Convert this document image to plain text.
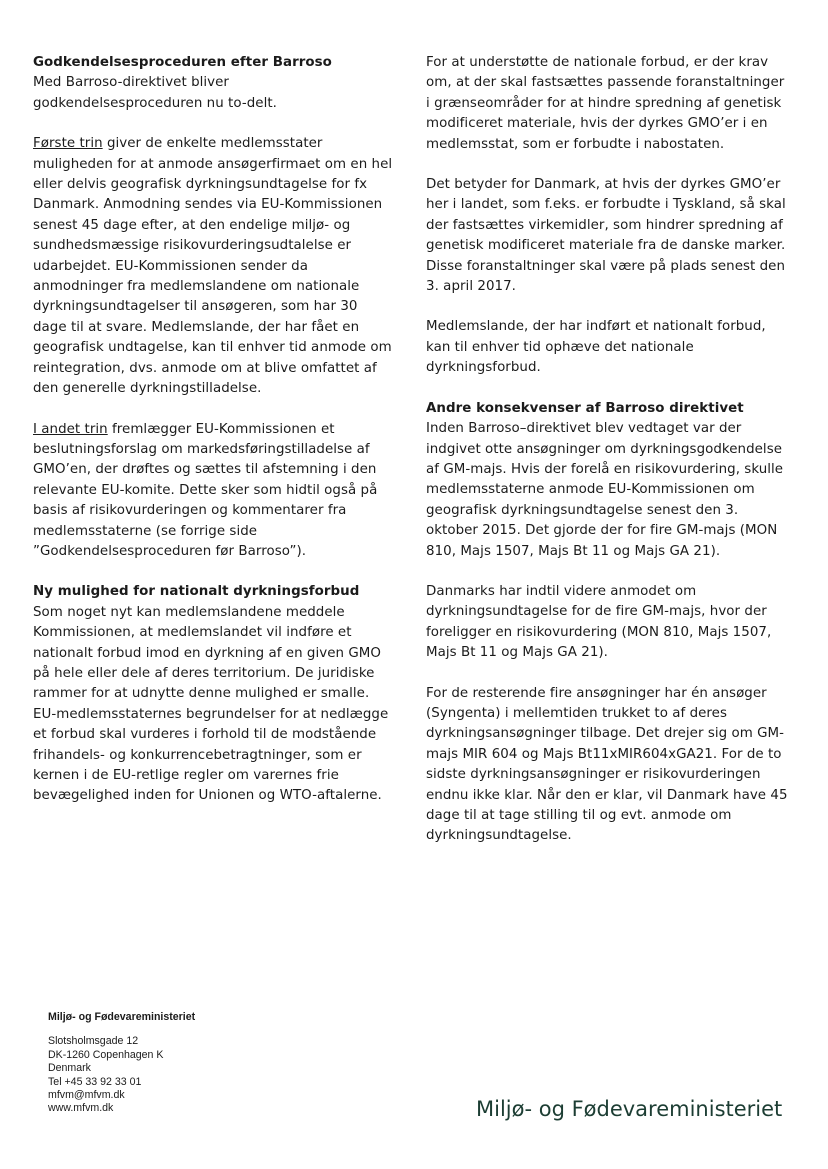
Godkendelsesproceduren efter Barroso
Med Barroso-direktivet bliver godkendelsesproceduren nu to-delt.

Første trin giver de enkelte medlemsstater muligheden for at anmode ansøgerfirmaet om en hel eller delvis geografisk dyrkningsundtagelse for fx Danmark. Anmodning sendes via EU-Kommissionen senest 45 dage efter, at den endelige miljø- og sundhedsmæssige risikovurderingsudtalelse er udarbejdet. EU-Kommissionen sender da anmodninger fra medlemslandene om nationale dyrkningsundtagelser til ansøgeren, som har 30 dage til at svare. Medlemslande, der har fået en geografisk undtagelse, kan til enhver tid anmode om reintegration, dvs. anmode om at blive omfattet af den generelle dyrkningstilladelse.

I andet trin fremlægger EU-Kommissionen et beslutningsforslag om markedsføringstilladelse af GMO’en, der drøftes og sættes til afstemning i den relevante EU-komite. Dette sker som hidtil også på basis af risikovurderingen og kommentarer fra medlemsstaterne (se forrige side ”Godkendelsesproceduren før Barroso”).

Ny mulighed for nationalt dyrkningsforbud
Som noget nyt kan medlemslandene meddele Kommissionen, at medlemslandet vil indføre et nationalt forbud imod en dyrkning af en given GMO på hele eller dele af deres territorium. De juridiske rammer for at udnytte denne mulighed er smalle. EU-medlemsstaternes begrundelser for at nedlægge et forbud skal vurderes i forhold til de modstående frihandels- og konkurrencebetragtninger, som er kernen i de EU-retlige regler om varernes frie bevægelighed inden for Unionen og WTO-aftalerne.

For at understøtte de nationale forbud, er der krav om, at der skal fastsættes passende foranstaltninger i grænseområder for at hindre spredning af genetisk modificeret materiale, hvis der dyrkes GMO’er i en medlemsstat, som er forbudte i nabostaten.

Det betyder for Danmark, at hvis der dyrkes GMO’er her i landet, som f.eks. er forbudte i Tyskland, så skal der fastsættes virkemidler, som hindrer spredning af genetisk modificeret materiale fra de danske marker. Disse foranstaltninger skal være på plads senest den 3. april 2017.

Medlemslande, der har indført et nationalt forbud, kan til enhver tid ophæve det nationale dyrkningsforbud.

Andre konsekvenser af Barroso direktivet
Inden Barroso–direktivet blev vedtaget var der indgivet otte ansøgninger om dyrkningsgodkendelse af GM-majs. Hvis der forelå en risikovurdering, skulle medlemsstaterne anmode EU-Kommissionen om geografisk dyrkningsundtagelse senest den 3. oktober 2015. Det gjorde der for fire GM-majs (MON 810, Majs 1507, Majs Bt 11 og Majs GA 21).

Danmarks har indtil videre anmodet om dyrkningsundtagelse for de fire GM-majs, hvor der foreligger en risikovurdering (MON 810, Majs 1507, Majs Bt 11 og Majs GA 21).

For de resterende fire ansøgninger har én ansøger (Syngenta) i mellemtiden trukket to af deres dyrkningsansøgninger tilbage. Det drejer sig om GM-majs MIR 604 og Majs Bt11xMIR604xGA21. For de to sidste dyrkningsansøgninger er risikovurderingen endnu ikke klar. Når den er klar, vil Danmark have 45 dage til at tage stilling til og evt. anmode om dyrkningsundtagelse.

Miljø- og Fødevareministeriet
Slotsholmsgade 12
DK-1260 Copenhagen K
Denmark
Tel +45 33 92 33 01
mfvm@mfvm.dk
www.mfvm.dk	Miljø- og Fødevareministeriet
